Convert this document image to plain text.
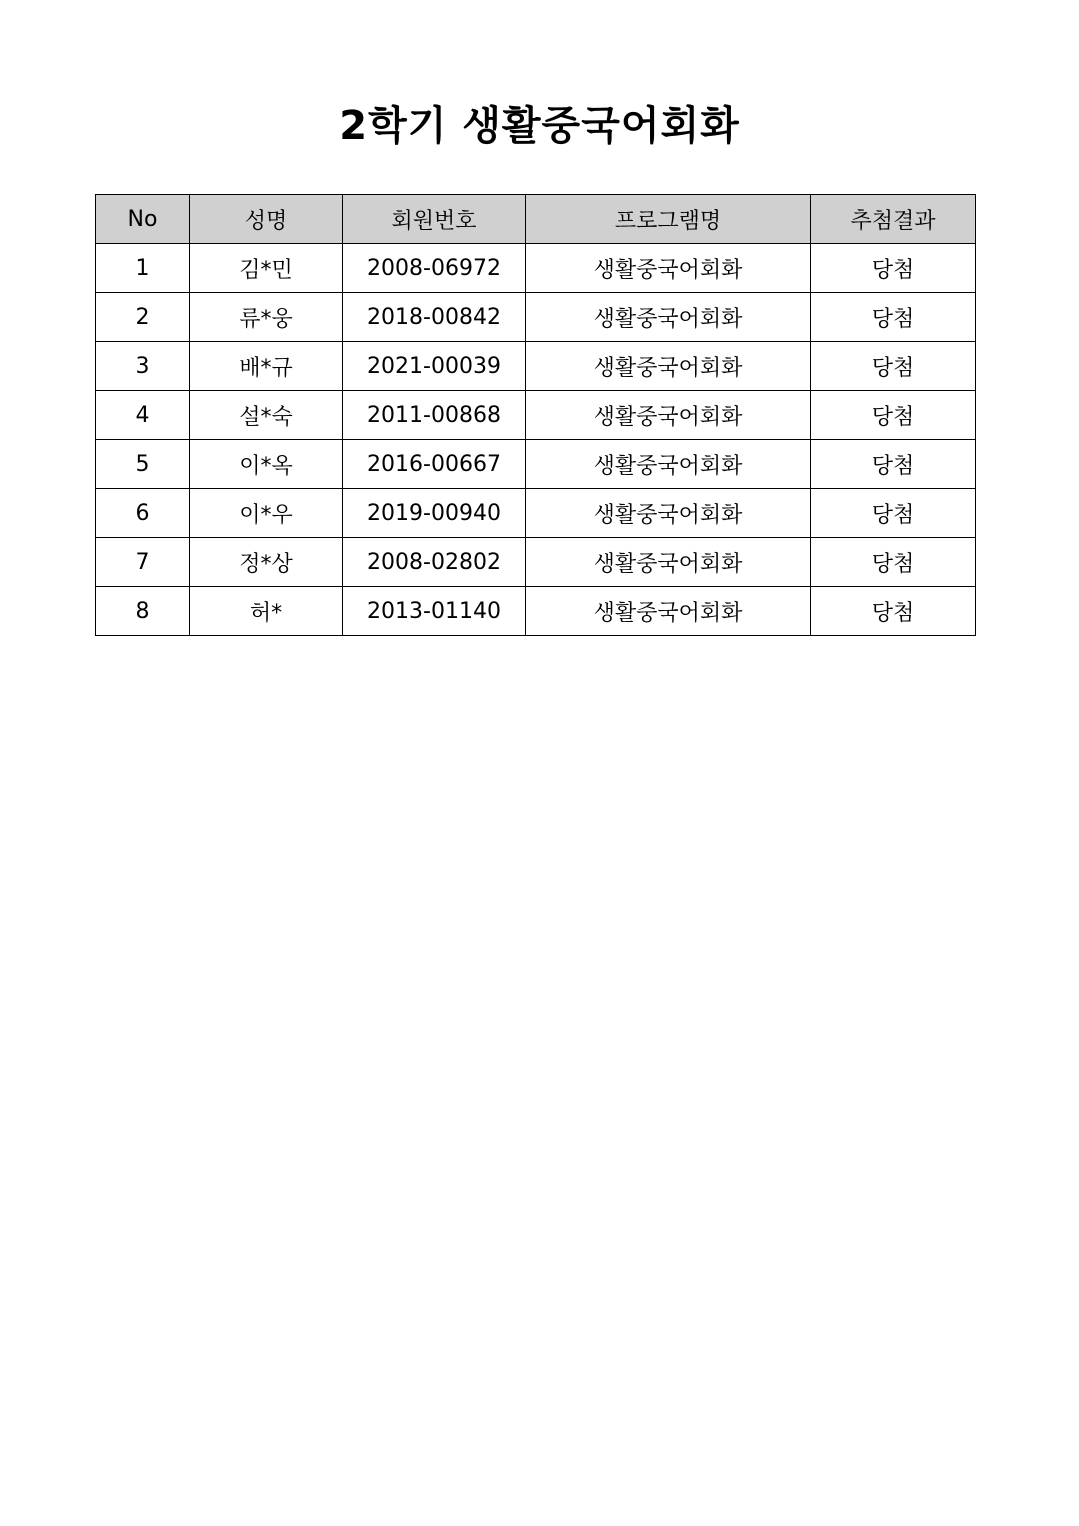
2학기 생활중국어회화
No	성명	회원번호	프로그램명	추첨결과
1	김*민	2008-06972	생활중국어회화	당첨
2	류*웅	2018-00842	생활중국어회화	당첨
3	배*규	2021-00039	생활중국어회화	당첨
4	설*숙	2011-00868	생활중국어회화	당첨
5	이*옥	2016-00667	생활중국어회화	당첨
6	이*우	2019-00940	생활중국어회화	당첨
7	정*상	2008-02802	생활중국어회화	당첨
8	허*	2013-01140	생활중국어회화	당첨
